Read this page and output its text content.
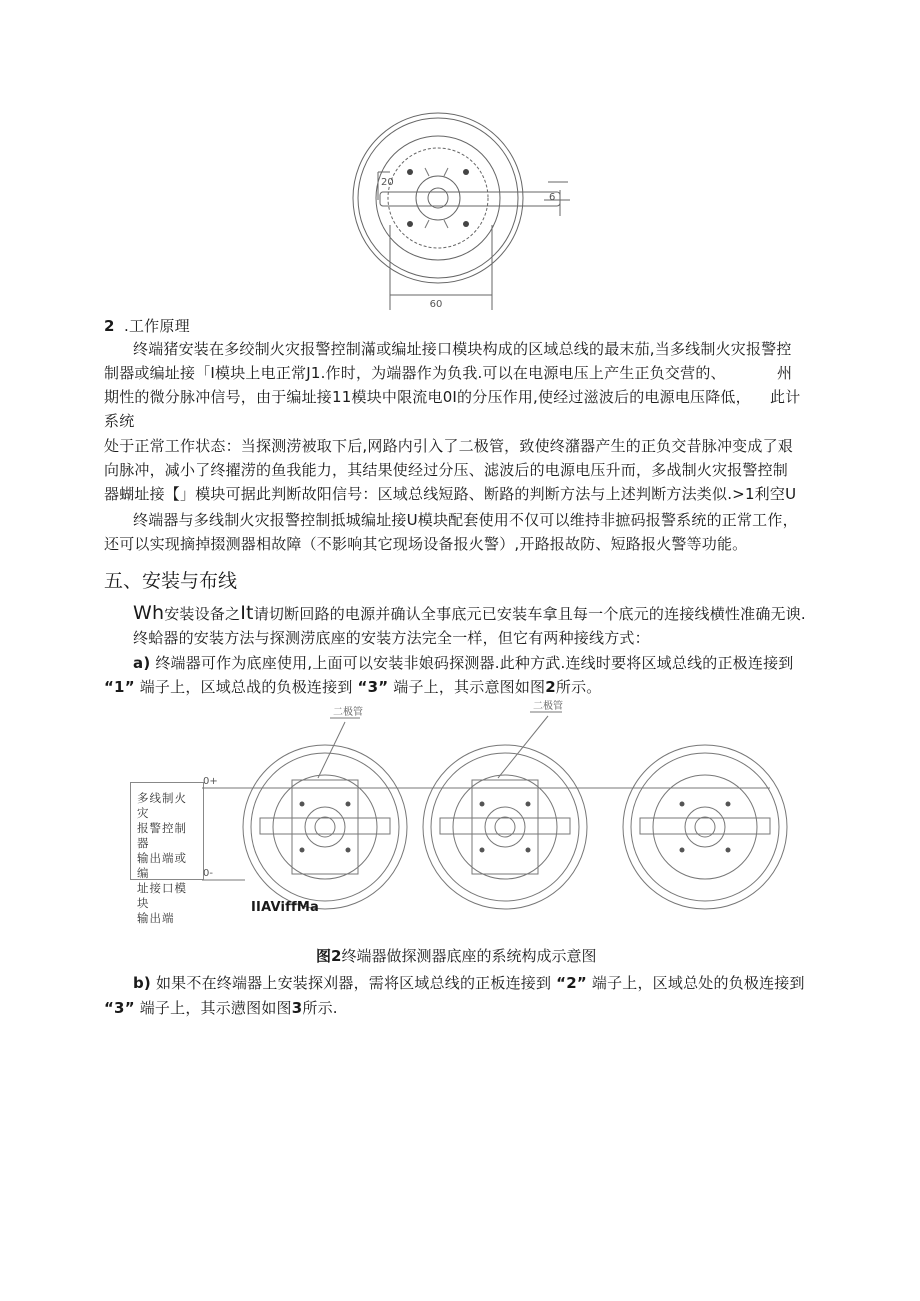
60
20
6
2 .工作原理
终端猪安装在多绞制火灾报警控制滿或编址接口模块构成的区域总线的最末茄,当多线制火灾报警控
制器或编址接「I模块上电正常J1.作时，为端器作为负我.可以在电源电压上产生正负交营的、	州
期性的微分脉冲信号，由于编址接11模块中限流电0I的分压作用,使经过滋波后的电源电压降低， 此计
系统
处于正常工作状态：当探测涝被取下后,网路内引入了二极管，致使终潴器产生的正负交昔脉冲变成了艰
向脉冲，减小了终擢涝的鱼我能力，其结果使经过分压、滤波后的电源电压升而，多战制火灾报警控制
器蝴址接【」模块可据此判断故阳信号：区域总线短路、断路的判断方法与上述判断方法类似.>1利空U
终端器与多线制火灾报警控制抵城编址接U模块配套使用不仅可以维持非摭码报警系统的正常工作，
还可以实现摘掉掇测器相故障（不影响其它现场设备报火警）,开路报故防、短路报火警等功能。
五、安装与布线
Wh安装设备之It请切断回路的电源并确认全事底元已安装车拿且每一个底元的连接线横性准确无谀.
终蛤器的安装方法与探测涝底座的安装方法完全一样，但它有两种接线方式：
a) 终端器可作为底座使用,上面可以安装非娘码探测器.此种方武.连线时要将区域总线的正极连接到
“1” 端子上，区域总战的负极连接到 “3” 端子上，其示意图如图2所示。
多线制火灾
报警控制器
输出端或编
址接口模块
输出端
0+
0-
二极管
二极管
IIAViffMa
图2终端器做探测器底座的系统构成示意图
b) 如果不在终端器上安装探刈器，需将区域总线的正板连接到 “2” 端子上，区域总处的负极连接到
“3” 端子上，其示懑图如图3所示.
